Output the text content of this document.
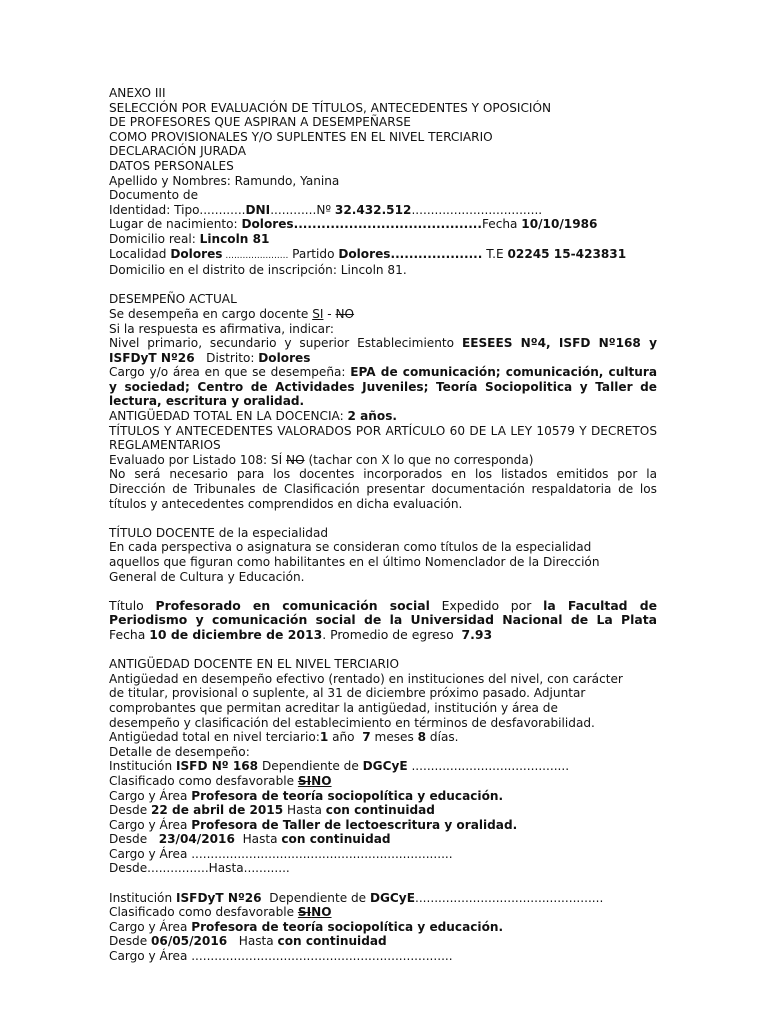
ANEXO III
SELECCIÓN POR EVALUACIÓN DE TÍTULOS, ANTECEDENTES Y OPOSICIÓN
DE PROFESORES QUE ASPIRAN A DESEMPEÑARSE
COMO PROVISIONALES Y/O SUPLENTES EN EL NIVEL TERCIARIO
DECLARACIÓN JURADA
DATOS PERSONALES
Apellido y Nombres: Ramundo, Yanina
Documento de
Identidad: Tipo............DNI............Nº 32.432.512..................................
Lugar de nacimiento: Dolores.........................................Fecha 10/10/1986
Domicilio real: Lincoln 81
Localidad Dolores ...................... Partido Dolores.................... T.E 02245 15-423831
Domicilio en el distrito de inscripción: Lincoln 81.
DESEMPEÑO ACTUAL
Se desempeña en cargo docente SI - NO
Si la respuesta es afirmativa, indicar:
Nivel primario, secundario y superior Establecimiento EESEES Nº4, ISFD Nº168 y
ISFDyT Nº26   Distrito: Dolores
Cargo y/o área en que se desempeña: EPA de comunicación; comunicación, cultura y sociedad; Centro de Actividades Juveniles; Teoría Sociopolitica y Taller de lectura, escritura y oralidad.
ANTIGÜEDAD TOTAL EN LA DOCENCIA: 2 años.
TÍTULOS Y ANTECEDENTES VALORADOS POR ARTÍCULO 60 DE LA LEY 10579 Y DECRETOS REGLAMENTARIOS
Evaluado por Listado 108: SÍ NO (tachar con X lo que no corresponda)
No será necesario para los docentes incorporados en los listados emitidos por la Dirección de Tribunales de Clasificación presentar documentación respaldatoria de los títulos y antecedentes comprendidos en dicha evaluación.
TÍTULO DOCENTE de la especialidad
En cada perspectiva o asignatura se consideran como títulos de la especialidad
aquellos que figuran como habilitantes en el último Nomenclador de la Dirección
General de Cultura y Educación.
Título Profesorado en comunicación social Expedido por la Facultad de Periodismo y comunicación social de la Universidad Nacional de La Plata Fecha 10 de diciembre de 2013. Promedio de egreso  7.93
ANTIGÜEDAD DOCENTE EN EL NIVEL TERCIARIO
Antigüedad en desempeño efectivo (rentado) en instituciones del nivel, con carácter
de titular, provisional o suplente, al 31 de diciembre próximo pasado. Adjuntar
comprobantes que permitan acreditar la antigüedad, institución y área de
desempeño y clasificación del establecimiento en términos de desfavorabilidad.
Antigüedad total en nivel terciario:1 año  7 meses 8 días.
Detalle de desempeño:
Institución ISFD Nº 168 Dependiente de DGCyE .........................................
Clasificado como desfavorable SINO
Cargo y Área Profesora de teoría sociopolítica y educación.
Desde 22 de abril de 2015 Hasta con continuidad
Cargo y Área Profesora de Taller de lectoescritura y oralidad.
Desde   23/04/2016  Hasta con continuidad
Cargo y Área ....................................................................
Desde................Hasta............
Institución ISFDyT Nº26  Dependiente de DGCyE.................................................
Clasificado como desfavorable SINO
Cargo y Área Profesora de teoría sociopolítica y educación.
Desde 06/05/2016   Hasta con continuidad
Cargo y Área ....................................................................
